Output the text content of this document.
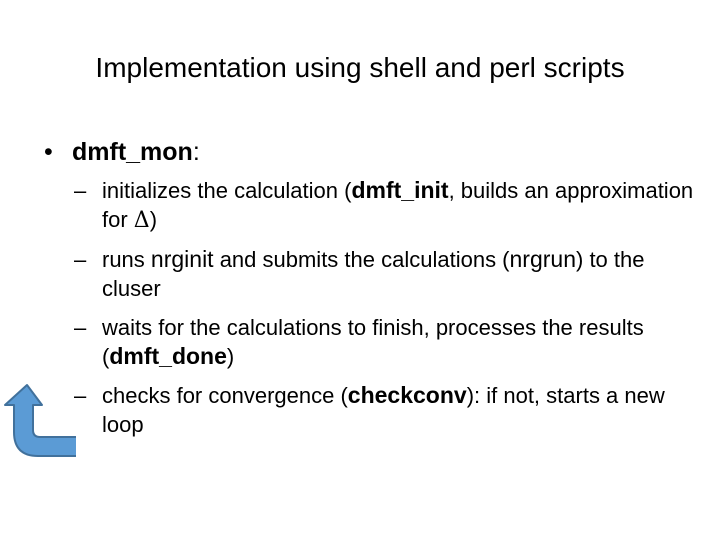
Implementation using shell and perl scripts
• dmft_mon:
– initializes the calculation (dmft_init, builds an approximation for Δ)
– runs nrginit and submits the calculations (nrgrun) to the cluser
– waits for the calculations to finish, processes the results (dmft_done)
– checks for convergence (checkconv): if not, starts a new loop
